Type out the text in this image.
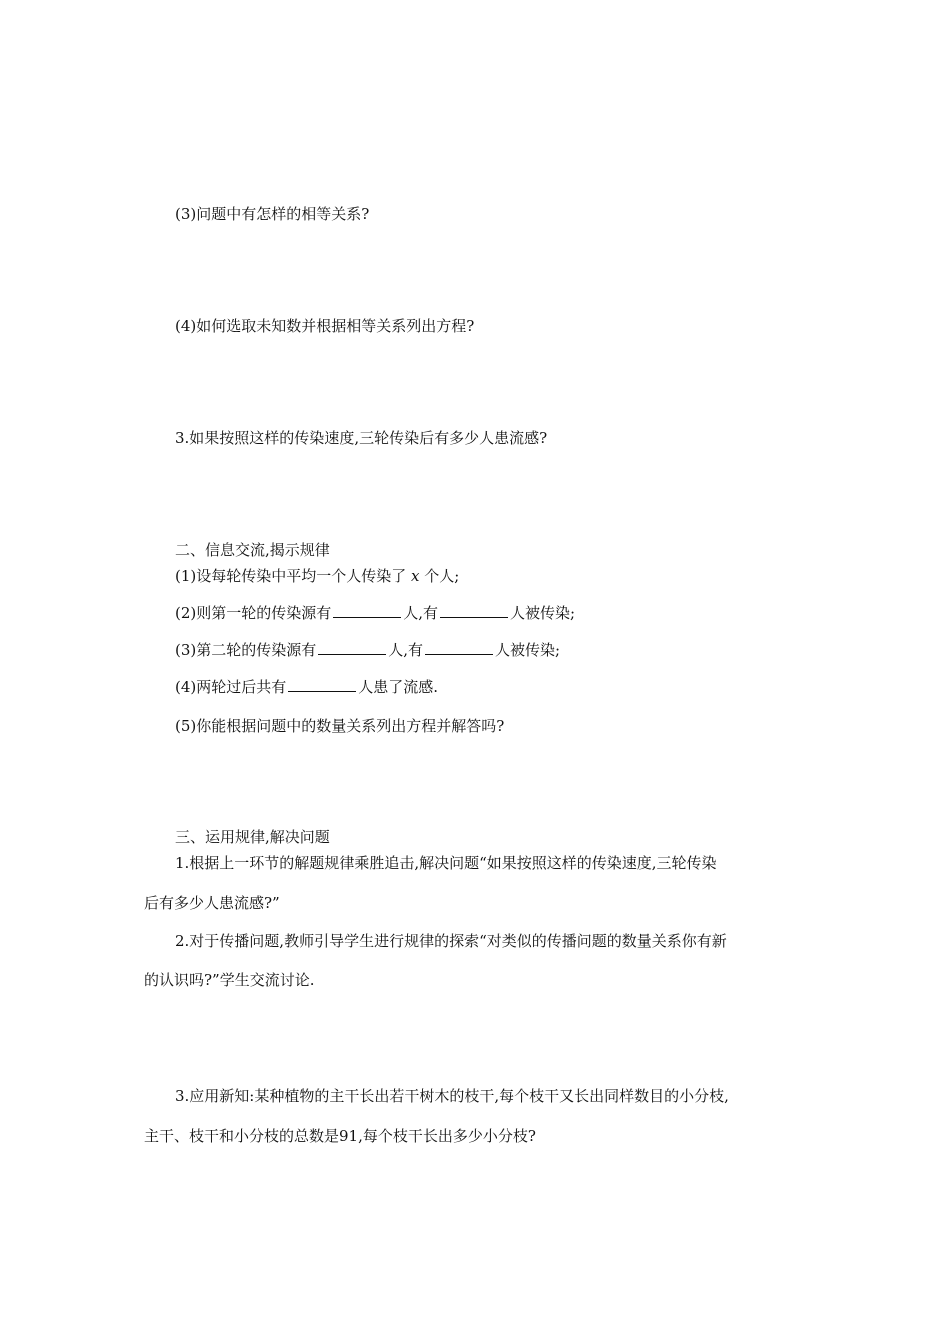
(3)问题中有怎样的相等关系?
(4)如何选取未知数并根据相等关系列出方程?
3.如果按照这样的传染速度,三轮传染后有多少人患流感?
二、信息交流,揭示规律
(1)设每轮传染中平均一个人传染了 x 个人;
(2)则第一轮的传染源有	人,有	人被传染;
(3)第二轮的传染源有	人,有	人被传染;
(4)两轮过后共有	人患了流感.
(5)你能根据问题中的数量关系列出方程并解答吗?
三、运用规律,解决问题
1.根据上一环节的解题规律乘胜追击,解决问题“如果按照这样的传染速度,三轮传染
后有多少人患流感?”
2.对于传播问题,教师引导学生进行规律的探索“对类似的传播问题的数量关系你有新
的认识吗?”学生交流讨论.
3.应用新知:某种植物的主干长出若干树木的枝干,每个枝干又长出同样数目的小分枝,
主干、枝干和小分枝的总数是91,每个枝干长出多少小分枝?
